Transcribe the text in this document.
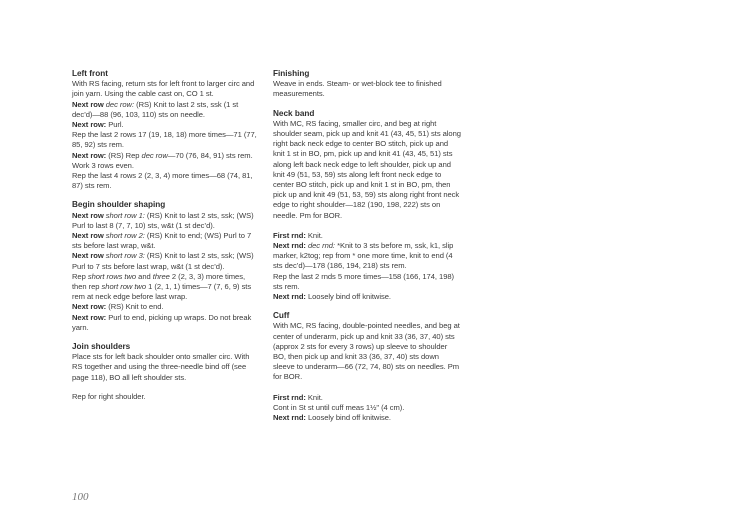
Left front

With RS facing, return sts for left front to larger circ and join yarn. Using the cable cast on, CO 1 st.

Next row dec row: (RS) Knit to last 2 sts, ssk (1 st dec’d)—88 (96, 103, 110) sts on needle.

Next row: Purl.

Rep the last 2 rows 17 (19, 18, 18) more times—71 (77, 85, 92) sts rem.

Next row: (RS) Rep dec row—70 (76, 84, 91) sts rem.

Work 3 rows even.

Rep the last 4 rows 2 (2, 3, 4) more times—68 (74, 81, 87) sts rem.

Begin shoulder shaping

Next row short row 1: (RS) Knit to last 2 sts, ssk; (WS) Purl to last 8 (7, 7, 10) sts, w&t (1 st dec’d).

Next row short row 2: (RS) Knit to end; (WS) Purl to 7 sts before last wrap, w&t.

Next row short row 3: (RS) Knit to last 2 sts, ssk; (WS) Purl to 7 sts before last wrap, w&t (1 st dec’d).

Rep short rows two and three 2 (2, 3, 3) more times, then rep short row two 1 (2, 1, 1) times—7 (7, 6, 9) sts rem at neck edge before last wrap.

Next row: (RS) Knit to end.

Next row: Purl to end, picking up wraps. Do not break yarn.

Join shoulders

Place sts for left back shoulder onto smaller circ. With RS together and using the three-needle bind off (see page 118), BO all left shoulder sts.

Rep for right shoulder.

Finishing

Weave in ends. Steam- or wet-block tee to finished measurements.

Neck band

With MC, RS facing, smaller circ, and beg at right shoulder seam, pick up and knit 41 (43, 45, 51) sts along right back neck edge to center BO stitch, pick up and knit 1 st in BO, pm, pick up and knit 41 (43, 45, 51) sts along left back neck edge to left shoulder, pick up and knit 49 (51, 53, 59) sts along left front neck edge to center BO stitch, pick up and knit 1 st in BO, pm, then pick up and knit 49 (51, 53, 59) sts along right front neck edge to right shoulder—182 (190, 198, 222) sts on needle. Pm for BOR.

First rnd: Knit.

Next rnd: dec rnd: *Knit to 3 sts before m, ssk, k1, slip marker, k2tog; rep from * one more time, knit to end (4 sts dec’d)—178 (186, 194, 218) sts rem.

Rep the last 2 rnds 5 more times—158 (166, 174, 198) sts rem.

Next rnd: Loosely bind off knitwise.

Cuff

With MC, RS facing, double-pointed needles, and beg at center of underarm, pick up and knit 33 (36, 37, 40) sts (approx 2 sts for every 3 rows) up sleeve to shoulder BO, then pick up and knit 33 (36, 37, 40) sts down sleeve to underarm—66 (72, 74, 80) sts on needles. Pm for BOR.

First rnd: Knit.

Cont in St st until cuff meas 1½" (4 cm).

Next rnd: Loosely bind off knitwise.

100
